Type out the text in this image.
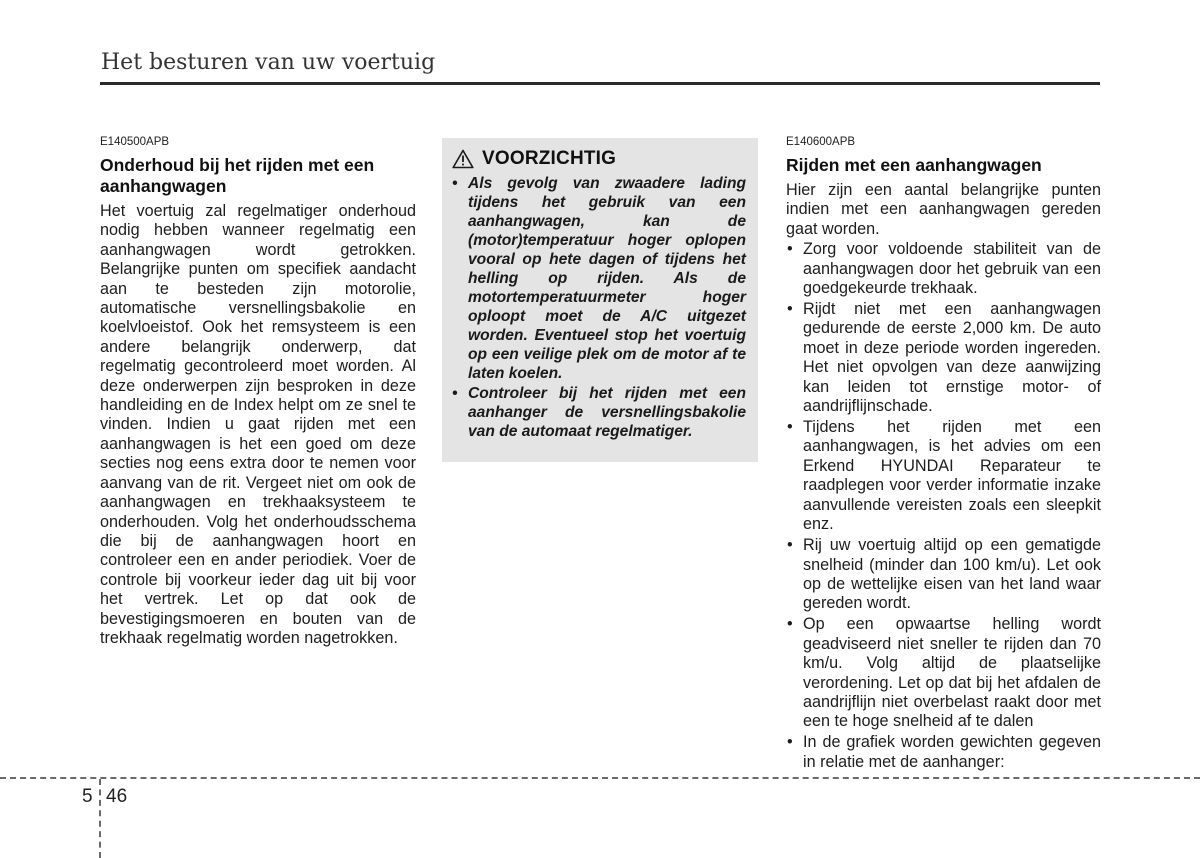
Het besturen van uw voertuig

E140500APB

Onderhoud bij het rijden met een aanhangwagen

Het voertuig zal regelmatiger onderhoud nodig hebben wanneer regelmatig een aanhangwagen wordt getrokken. Belangrijke punten om specifiek aandacht aan te besteden zijn motorolie, automatische versnellingsbakolie en koelvloeistof. Ook het remsysteem is een andere belangrijk onderwerp, dat regelmatig gecontroleerd moet worden. Al deze onderwerpen zijn besproken in deze handleiding en de Index helpt om ze snel te vinden. Indien u gaat rijden met een aanhangwagen is het een goed om deze secties nog eens extra door te nemen voor aanvang van de rit. Vergeet niet om ook de aanhangwagen en trekhaaksysteem te onderhouden. Volg het onderhoudsschema die bij de aanhangwagen hoort en controleer een en ander periodiek. Voer de controle bij voorkeur ieder dag uit bij voor het vertrek. Let op dat ook de bevestigingsmoeren en bouten van de trekhaak regelmatig worden nagetrokken.

VOORZICHTIG
• Als gevolg van zwaadere lading tijdens het gebruik van een aanhangwagen, kan de (motor)temperatuur hoger oplopen vooral op hete dagen of tijdens het helling op rijden. Als de motortemperatuurmeter hoger oploopt moet de A/C uitgezet worden. Eventueel stop het voertuig op een veilige plek om de motor af te laten koelen.
• Controleer bij het rijden met een aanhanger de versnellingsbakolie van de automaat regelmatiger.

E140600APB

Rijden met een aanhangwagen

Hier zijn een aantal belangrijke punten indien met een aanhangwagen gereden gaat worden.

• Zorg voor voldoende stabiliteit van de aanhangwagen door het gebruik van een goedgekeurde trekhaak.
• Rijdt niet met een aanhangwagen gedurende de eerste 2,000 km. De auto moet in deze periode worden ingereden. Het niet opvolgen van deze aanwijzing kan leiden tot ernstige motor- of aandrijflijnschade.
• Tijdens het rijden met een aanhangwagen, is het advies om een Erkend HYUNDAI Reparateur te raadplegen voor verder informatie inzake aanvullende vereisten zoals een sleepkit enz.
• Rij uw voertuig altijd op een gematigde snelheid (minder dan 100 km/u). Let ook op de wettelijke eisen van het land waar gereden wordt.
• Op een opwaartse helling wordt geadviseerd niet sneller te rijden dan 70 km/u. Volg altijd de plaatselijke verordening. Let op dat bij het afdalen de aandrijflijn niet overbelast raakt door met een te hoge snelheid af te dalen
• In de grafiek worden gewichten gegeven in relatie met de aanhanger:
5 46
